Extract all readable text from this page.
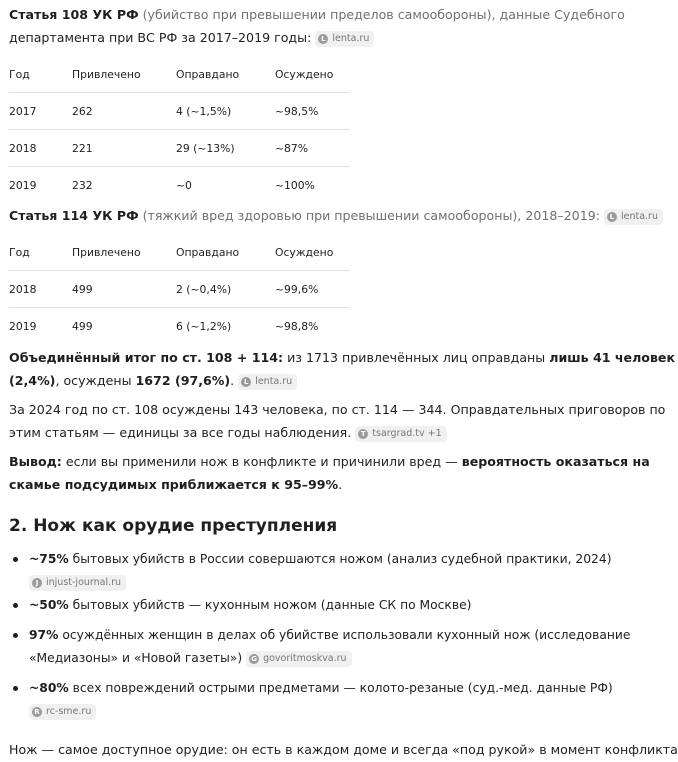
Статья 108 УК РФ (убийство при превышении пределов самообороны), данные Судебного
департамента при ВС РФ за 2017–2019 годы:	L lenta.ru
Год	Привлечено	Оправдано	Осуждено
2017	262	4 (~1,5%)	~98,5%
2018	221	29 (~13%)	~87%
2019	232	~0	~100%
Статья 114 УК РФ (тяжкий вред здоровью при превышении самообороны), 2018–2019:	L lenta.ru
Год	Привлечено	Оправдано	Осуждено
2018	499	2 (~0,4%)	~99,6%
2019	499	6 (~1,2%)	~98,8%
Объединённый итог по ст. 108 + 114: из 1713 привлечённых лиц оправданы лишь 41 человек
(2,4%), осуждены 1672 (97,6%).	L lenta.ru
За 2024 год по ст. 108 осуждены 143 человека, по ст. 114 — 344. Оправдательных приговоров по
этим статьям — единицы за все годы наблюдения.	T tsargrad.tv +1
Вывод: если вы применили нож в конфликте и причинили вред — вероятность оказаться на
скамье подсудимых приближается к 95–99%.
2. Нож как орудие преступления
~75% бытовых убийств в России совершаются ножом (анализ судебной практики, 2024)

J injust-journal.ru
~50% бытовых убийств — кухонным ножом (данные СК по Москве)
97% осуждённых женщин в делах об убийстве использовали кухонный нож (исследование
«Медиазоны» и «Новой газеты»)	G govoritmoskva.ru
~80% всех повреждений острыми предметами — колото-резаные (суд.-мед. данные РФ)

R rc-sme.ru
Нож — самое доступное орудие: он есть в каждом доме и всегда «под рукой» в момент конфликта
